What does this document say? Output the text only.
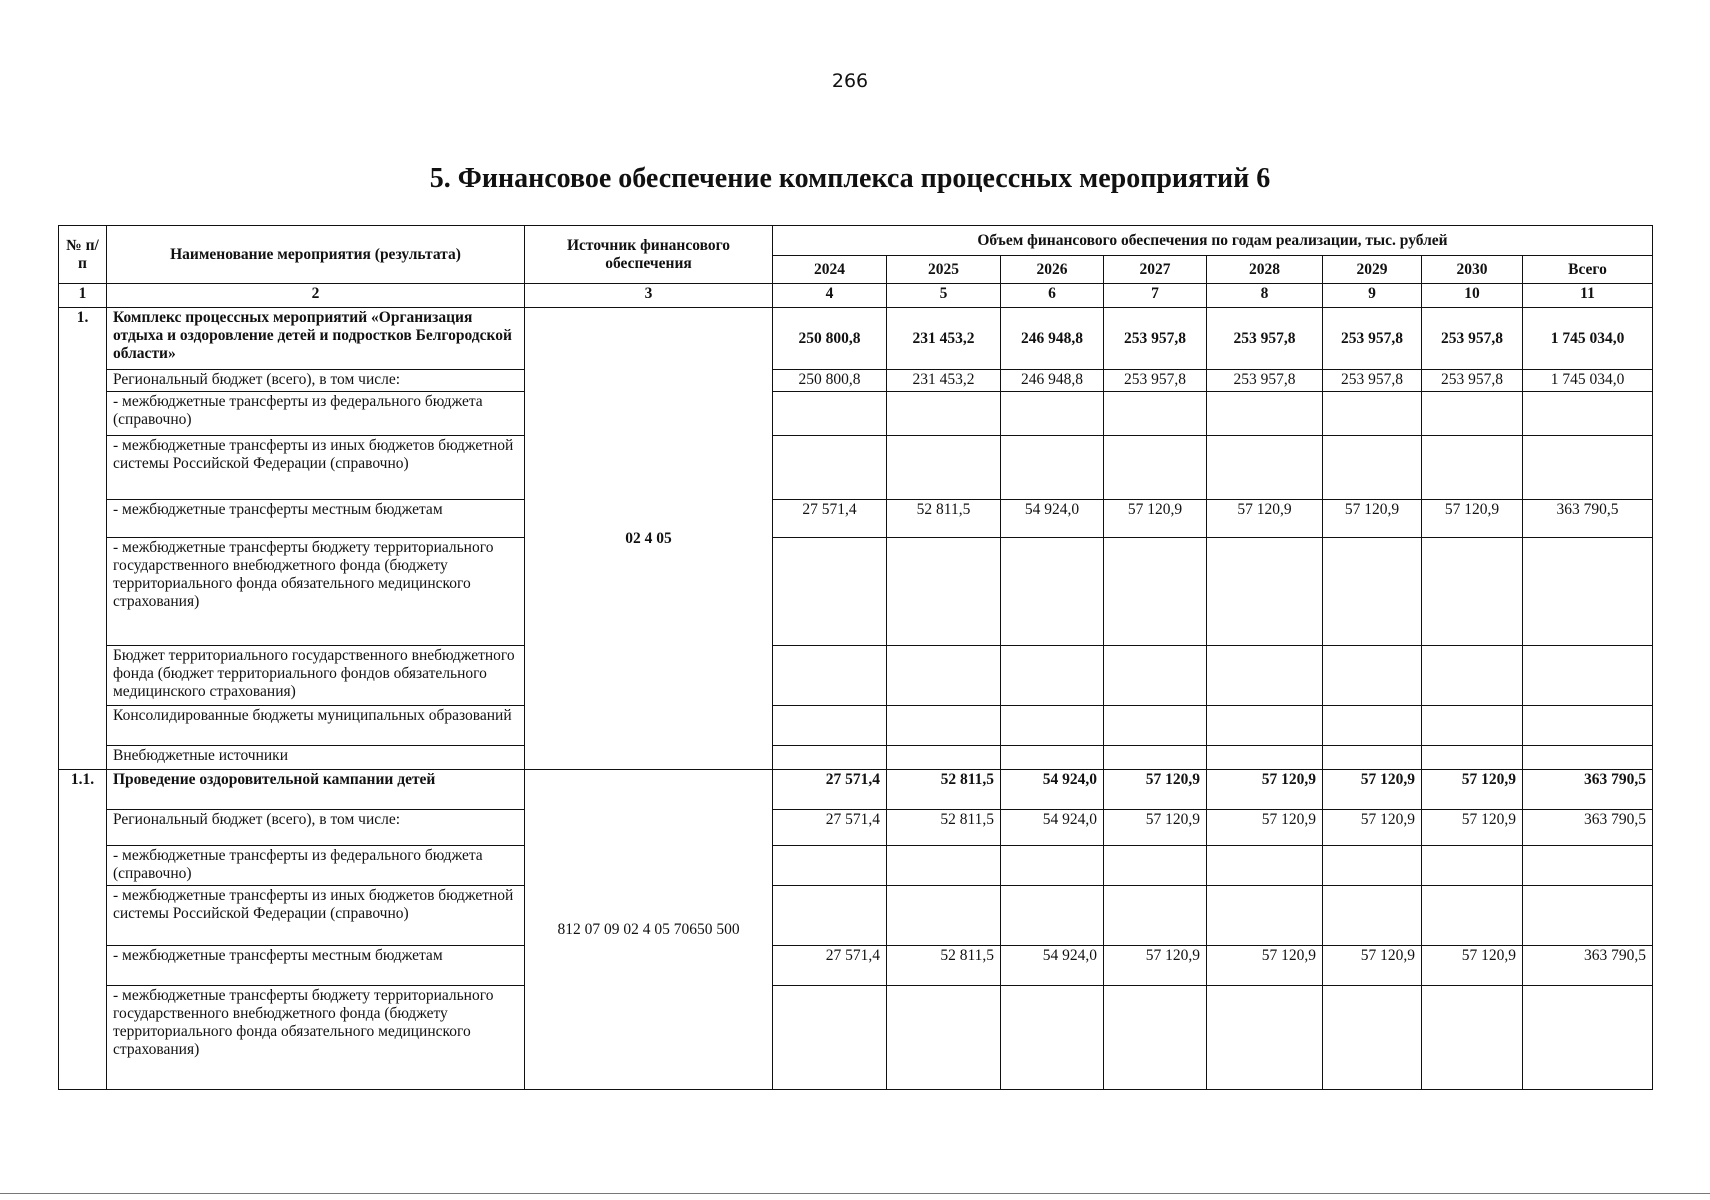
266
5. Финансовое обеспечение комплекса процессных мероприятий 6
№ п/п	Наименование мероприятия (результата)	Источник финансового обеспечения	Объем финансового обеспечения по годам реализации, тыс. рублей							
			2024	2025	2026	2027	2028	2029	2030	Всего
1	2	3	4	5	6	7	8	9	10	11
1.	Комплекс процессных мероприятий «Организация отдыха и оздоровление детей и подростков Белгородской области»	02 4 05	250 800,8	231 453,2	246 948,8	253 957,8	253 957,8	253 957,8	253 957,8	1 745 034,0
	Региональный бюджет (всего), в том числе:		250 800,8	231 453,2	246 948,8	253 957,8	253 957,8	253 957,8	253 957,8	1 745 034,0
	- межбюджетные трансферты из федерального бюджета (справочно)									
	- межбюджетные трансферты из иных бюджетов бюджетной системы Российской Федерации (справочно)									
	- межбюджетные трансферты местным бюджетам		27 571,4	52 811,5	54 924,0	57 120,9	57 120,9	57 120,9	57 120,9	363 790,5
	- межбюджетные трансферты бюджету территориального государственного внебюджетного фонда (бюджету территориального фонда обязательного медицинского страхования)									
	Бюджет территориального государственного внебюджетного фонда (бюджет территориального фондов обязательного медицинского страхования)									
	Консолидированные бюджеты муниципальных образований									
	Внебюджетные источники									
1.1.	Проведение оздоровительной кампании детей	812 07 09 02 4 05 70650 500	27 571,4	52 811,5	54 924,0	57 120,9	57 120,9	57 120,9	57 120,9	363 790,5
	Региональный бюджет (всего), в том числе:		27 571,4	52 811,5	54 924,0	57 120,9	57 120,9	57 120,9	57 120,9	363 790,5
	- межбюджетные трансферты из федерального бюджета (справочно)									
	- межбюджетные трансферты из иных бюджетов бюджетной системы Российской Федерации (справочно)									
	- межбюджетные трансферты местным бюджетам		27 571,4	52 811,5	54 924,0	57 120,9	57 120,9	57 120,9	57 120,9	363 790,5
	- межбюджетные трансферты бюджету территориального государственного внебюджетного фонда (бюджету территориального фонда обязательного медицинского страхования)									
